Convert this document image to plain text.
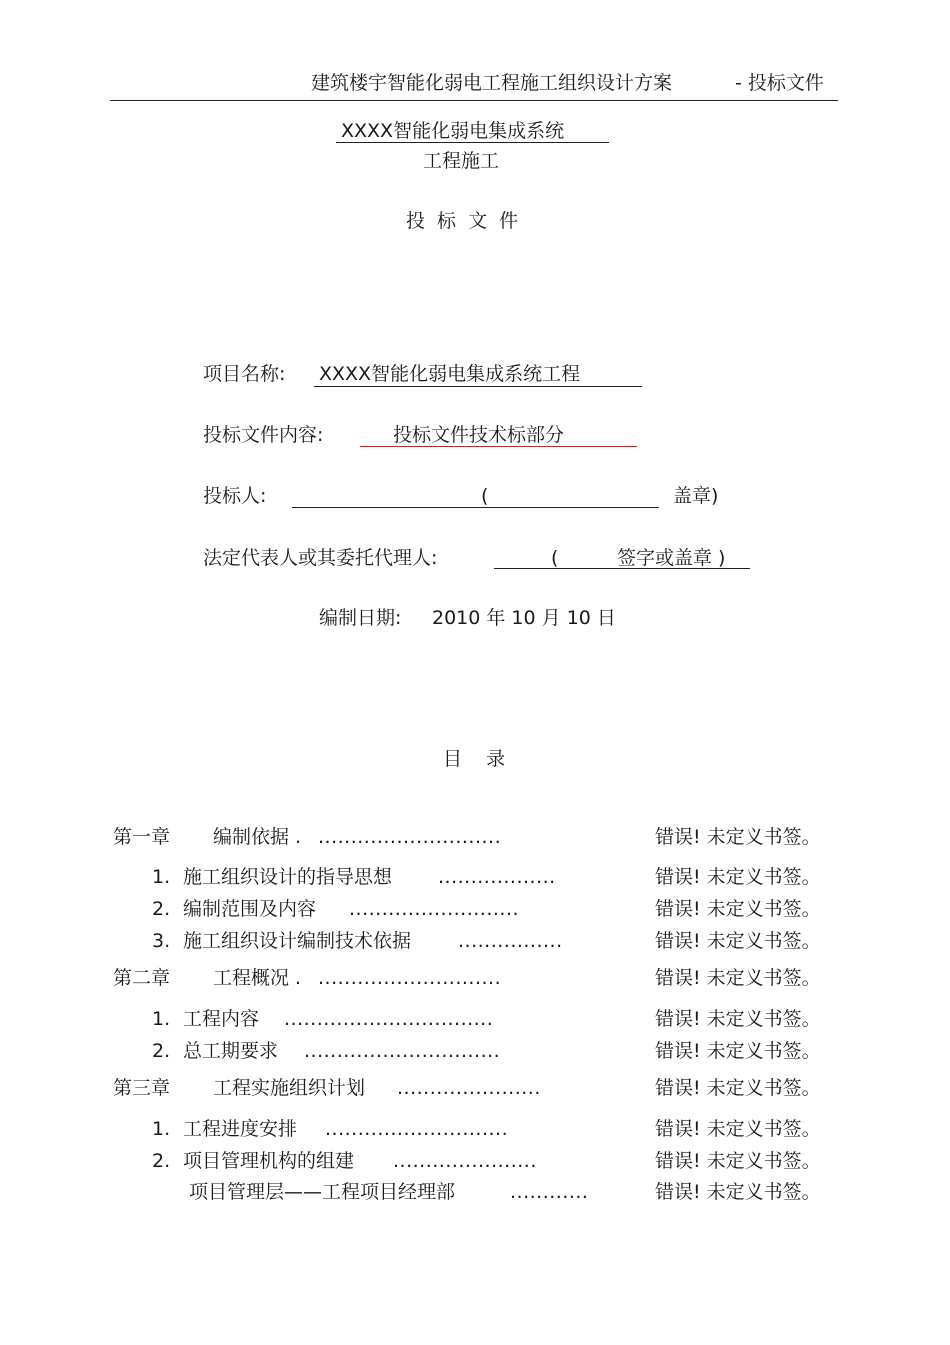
建筑楼宇智能化弱电工程施工组织设计方案	- 投标文件
XXXX智能化弱电集成系统
工程施工
投 标 文 件
项目名称: XXXX智能化弱电集成系统工程
投标文件内容:	投标文件技术标部分
投标人:	(	盖章)
法定代表人或其委托代理人:	(	签字或盖章 )
编制日期: 2010 年 10 月 10 日
目    录
第一章 编制依据 . ............................	错误! 未定义书签。
1. 施工组织设计的指导思想 ..................	错误! 未定义书签。
2. 编制范围及内容 ..........................	错误! 未定义书签。
3. 施工组织设计编制技术依据 ................	错误! 未定义书签。
第二章 工程概况 . ............................	错误! 未定义书签。
1. 工程内容 ................................	错误! 未定义书签。
2. 总工期要求 ..............................	错误! 未定义书签。
第三章 工程实施组织计划 ......................	错误! 未定义书签。
1. 工程进度安排 ............................	错误! 未定义书签。
2. 项目管理机构的组建 ......................	错误! 未定义书签。
项目管理层——工程项目经理部	............	错误! 未定义书签。
